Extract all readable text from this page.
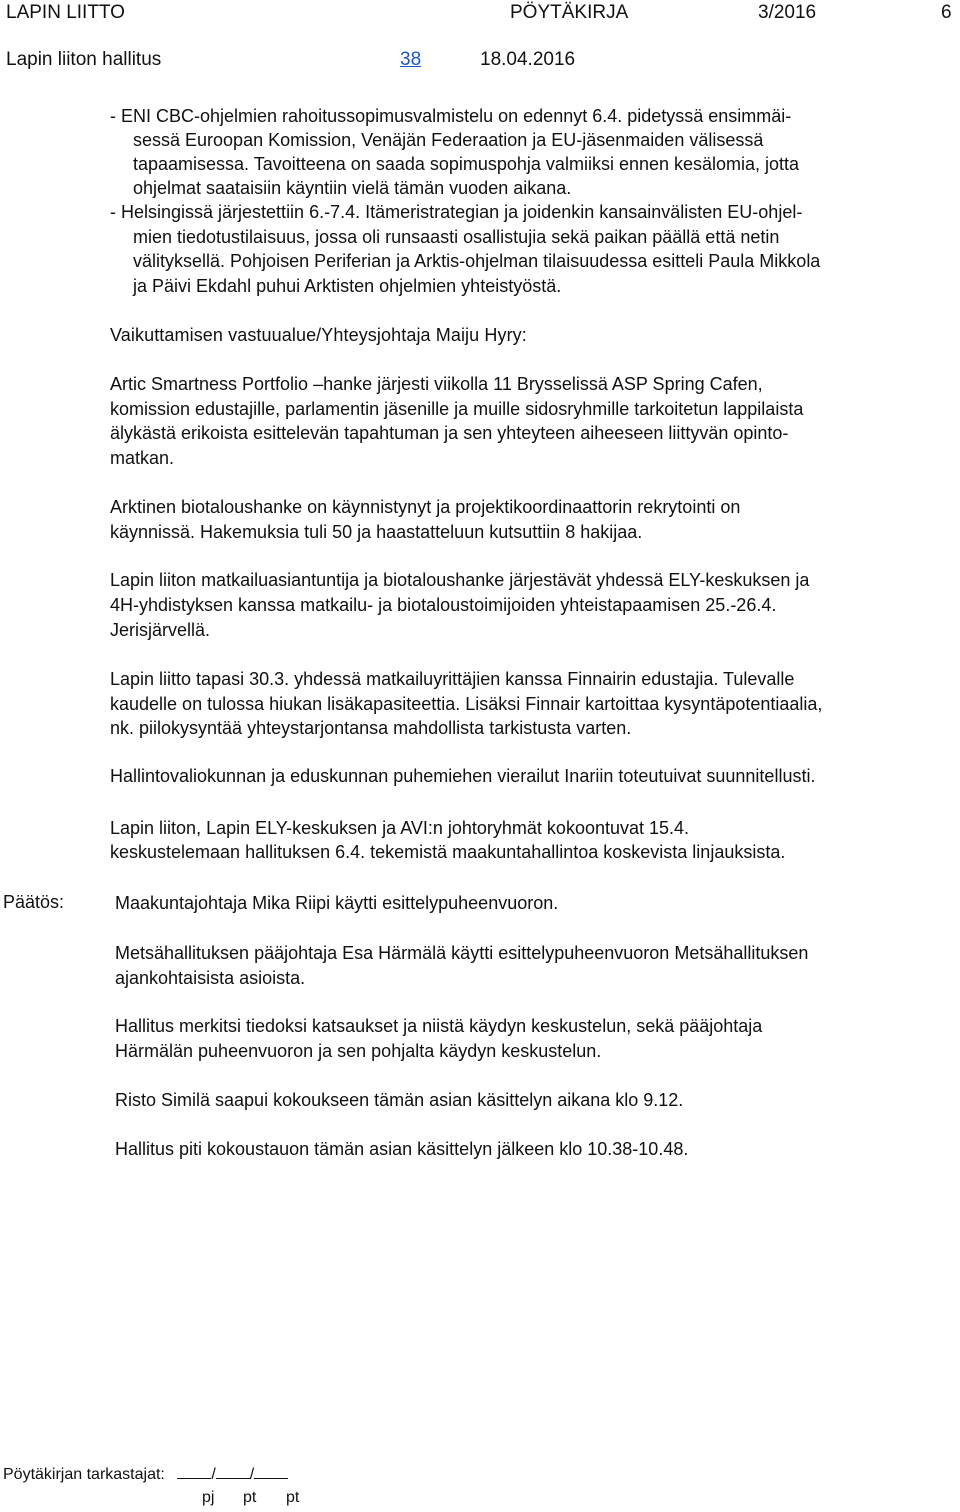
LAPIN LIITTO	PÖYTÄKIRJA	3/2016	6
Lapin liiton hallitus	38	18.04.2016
- ENI CBC-ohjelmien rahoitussopimusvalmistelu on edennyt 6.4. pidetyssä ensimmäi-
sessä Euroopan Komission, Venäjän Federaation ja EU-jäsenmaiden välisessä
tapaamisessa. Tavoitteena on saada sopimuspohja valmiiksi ennen kesälomia, jotta
ohjelmat saataisiin käyntiin vielä tämän vuoden aikana.
- Helsingissä järjestettiin 6.-7.4. Itämeristrategian ja joidenkin kansainvälisten EU-ohjel-
mien tiedotustilaisuus, jossa oli runsaasti osallistujia sekä paikan päällä että netin
välityksellä. Pohjoisen Periferian ja Arktis-ohjelman tilaisuudessa esitteli Paula Mikkola
ja Päivi Ekdahl puhui Arktisten ohjelmien yhteistyöstä.
Vaikuttamisen vastuualue/Yhteysjohtaja Maiju Hyry:
Artic Smartness Portfolio –hanke järjesti viikolla 11 Brysselissä ASP Spring Cafen,
komission edustajille, parlamentin jäsenille ja muille sidosryhmille tarkoitetun lappilaista
älykästä erikoista esittelevän tapahtuman ja sen yhteyteen aiheeseen liittyvän opinto-
matkan.
Arktinen biotaloushanke on käynnistynyt ja projektikoordinaattorin rekrytointi on
käynnissä. Hakemuksia tuli 50 ja haastatteluun kutsuttiin 8 hakijaa.
Lapin liiton matkailuasiantuntija ja biotaloushanke järjestävät yhdessä ELY-keskuksen ja
4H-yhdistyksen kanssa matkailu- ja biotaloustoimijoiden yhteistapaamisen 25.-26.4.
Jerisjärvellä.
Lapin liitto tapasi 30.3. yhdessä matkailuyrittäjien kanssa Finnairin edustajia. Tulevalle
kaudelle on tulossa hiukan lisäkapasiteettia. Lisäksi Finnair kartoittaa kysyntäpotentiaalia,
nk. piilokysyntää yhteystarjontansa mahdollista tarkistusta varten.
Hallintovaliokunnan ja eduskunnan puhemiehen vierailut Inariin toteutuivat suunnitellusti.
Lapin liiton, Lapin ELY-keskuksen ja AVI:n johtoryhmät kokoontuvat 15.4.
keskustelemaan hallituksen 6.4. tekemistä maakuntahallintoa koskevista linjauksista.
Päätös:	Maakuntajohtaja Mika Riipi käytti esittelypuheenvuoron.
Metsähallituksen pääjohtaja Esa Härmälä käytti esittelypuheenvuoron Metsähallituksen
ajankohtaisista asioista.
Hallitus merkitsi tiedoksi katsaukset ja niistä käydyn keskustelun, sekä pääjohtaja
Härmälän puheenvuoron ja sen pohjalta käydyn keskustelun.
Risto Similä saapui kokoukseen tämän asian käsittelyn aikana klo 9.12.
Hallitus piti kokoustauon tämän asian käsittelyn jälkeen klo 10.38-10.48.
Pöytäkirjan tarkastajat:	/ /
pj pt pt
